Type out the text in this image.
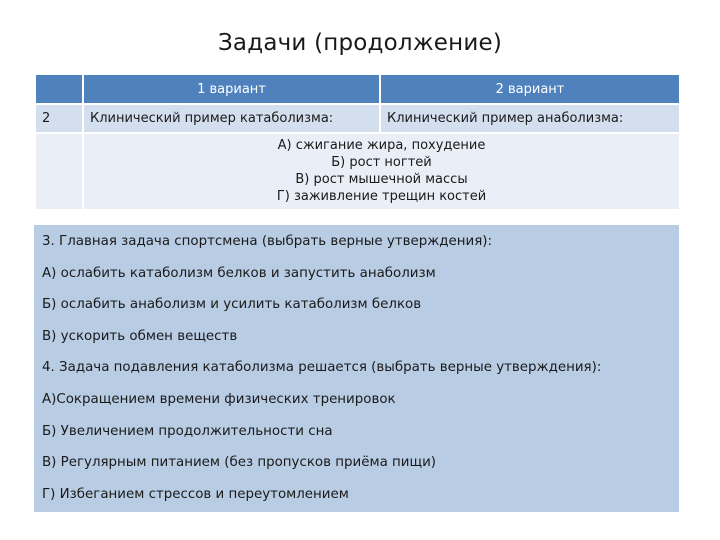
Задачи (продолжение)
	1 вариант	2 вариант
2	Клинический пример катаболизма:	Клинический пример анаболизма:

	А) сжигание жира, похудение
Б) рост ногтей
В) рост мышечной массы
Г) заживление трещин костей	
3. Главная задача спортсмена (выбрать верные утверждения):
А) ослабить катаболизм белков и запустить анаболизм
Б) ослабить анаболизм и усилить катаболизм белков
В) ускорить обмен веществ
4. Задача подавления катаболизма решается (выбрать верные утверждения):
А)Сокращением времени физических тренировок
Б) Увеличением продолжительности сна
В) Регулярным питанием (без пропусков приёма пищи)
Г) Избеганием стрессов и переутомлением
